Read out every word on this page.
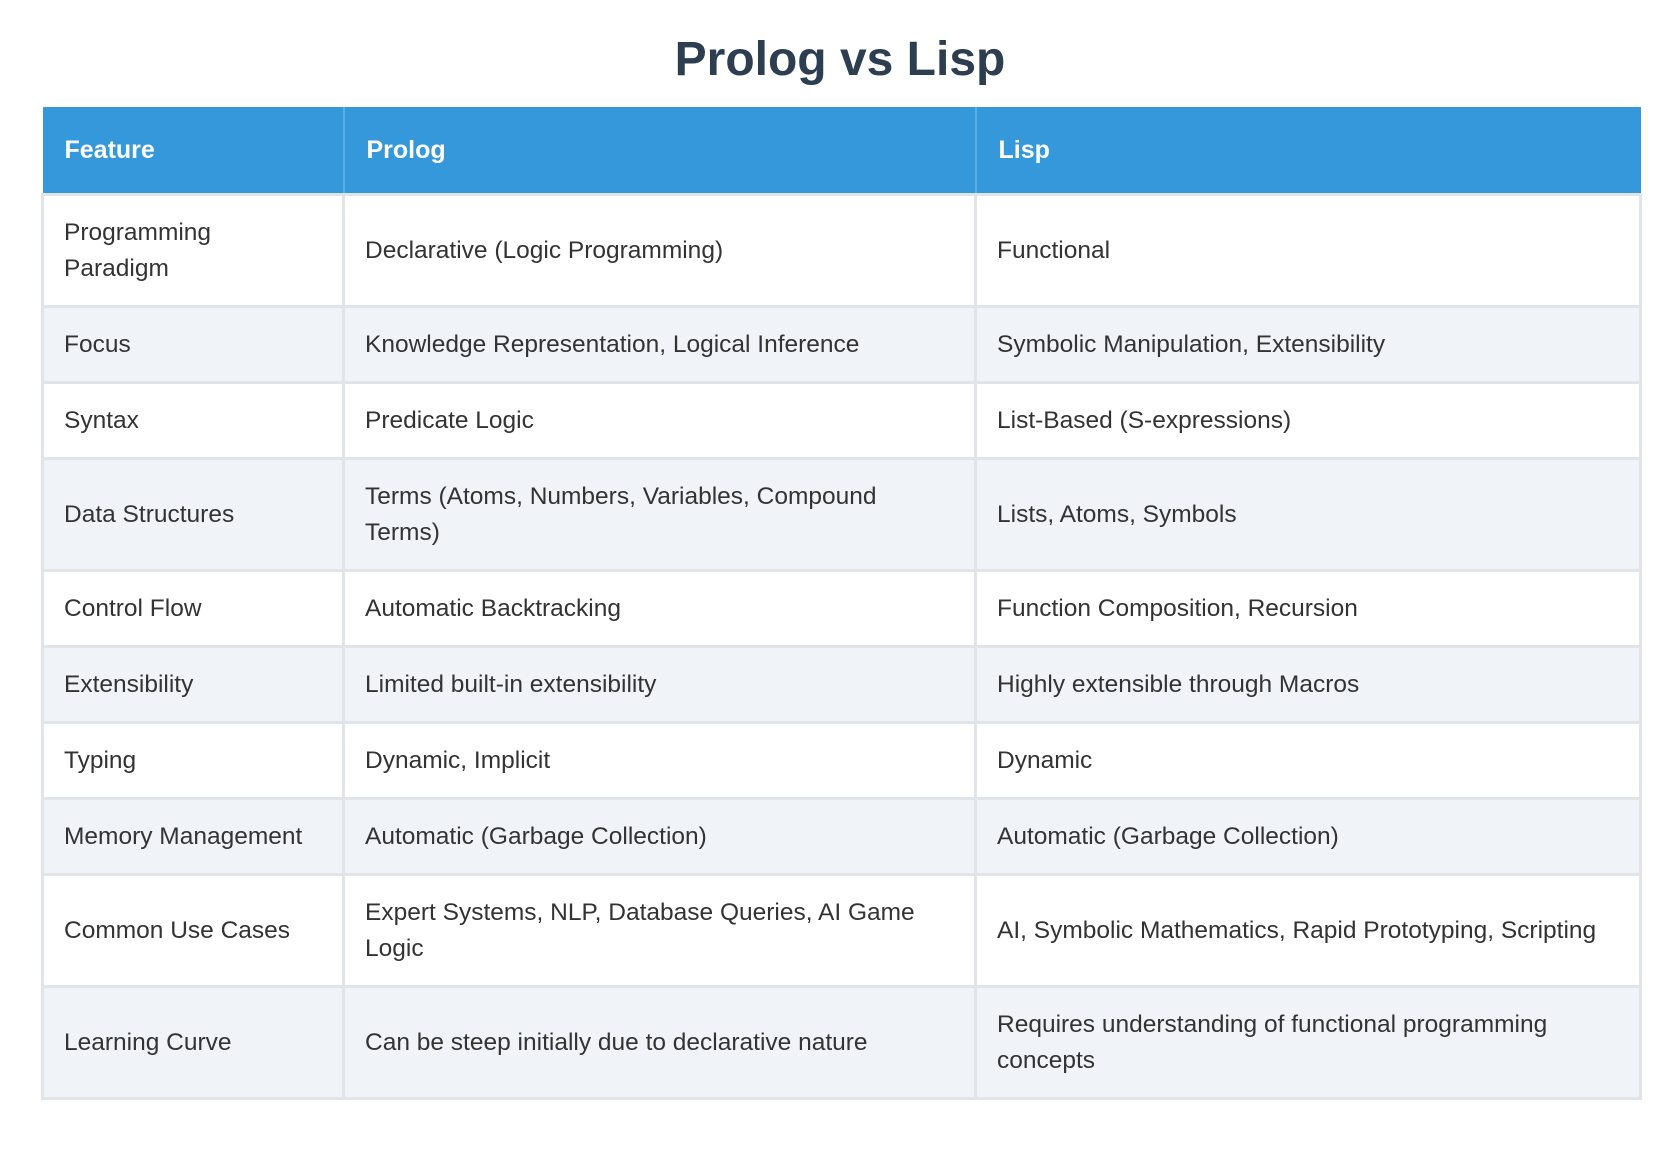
Prolog vs Lisp
Feature	Prolog	Lisp
Programming Paradigm	Declarative (Logic Programming)	Functional
Focus	Knowledge Representation, Logical Inference	Symbolic Manipulation, Extensibility
Syntax	Predicate Logic	List-Based (S-expressions)
Data Structures	Terms (Atoms, Numbers, Variables, Compound Terms)	Lists, Atoms, Symbols
Control Flow	Automatic Backtracking	Function Composition, Recursion
Extensibility	Limited built-in extensibility	Highly extensible through Macros
Typing	Dynamic, Implicit	Dynamic
Memory Management	Automatic (Garbage Collection)	Automatic (Garbage Collection)
Common Use Cases	Expert Systems, NLP, Database Queries, AI Game Logic	AI, Symbolic Mathematics, Rapid Prototyping, Scripting
Learning Curve	Can be steep initially due to declarative nature	Requires understanding of functional programming concepts
